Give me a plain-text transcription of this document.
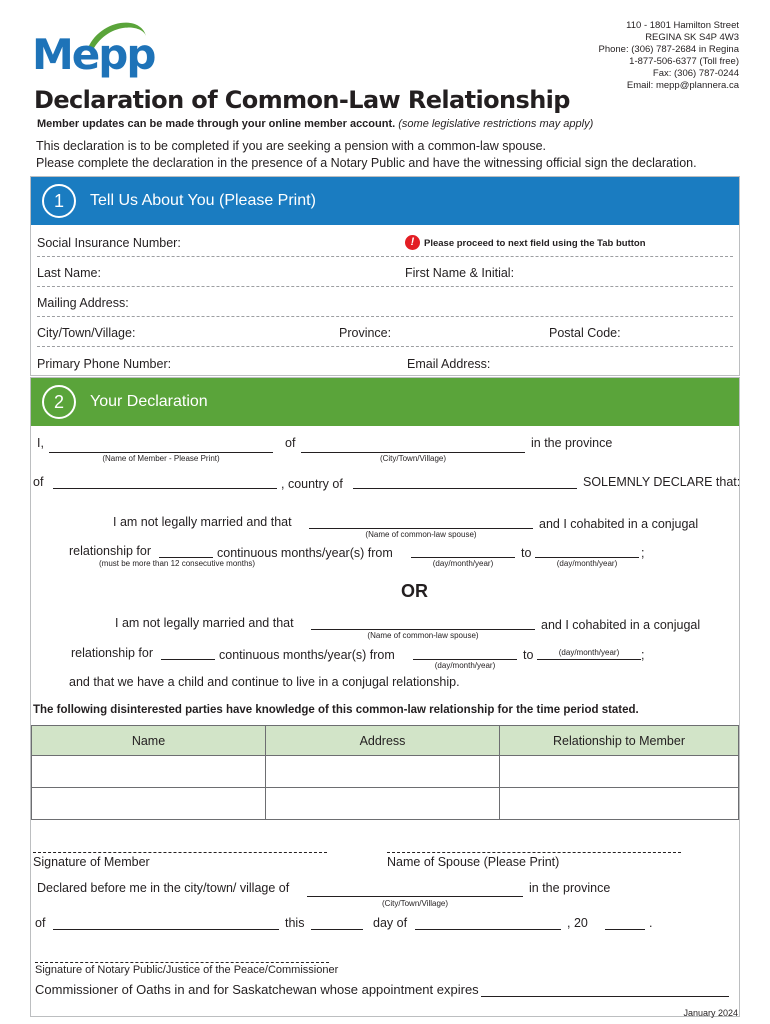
Mepp
110 - 1801 Hamilton Street
REGINA SK S4P 4W3
Phone: (306) 787-2684 in Regina
1-877-506-6377 (Toll free)
Fax: (306) 787-0244
Email: mepp@plannera.ca
Declaration of Common-Law Relationship
Member updates can be made through your online member account. (some legislative restrictions may apply)
This declaration is to be completed if you are seeking a pension with a common-law spouse.
Please complete the declaration in the presence of a Notary Public and have the witnessing official sign the declaration.
1	Tell Us About You (Please Print)
Social Insurance Number:	! Please proceed to next field using the Tab button
Last Name:	First Name & Initial:
Mailing Address:
City/Town/Village:	Province:	Postal Code:
Primary Phone Number:	Email Address:
2	Your Declaration
I,
(Name of Member - Please Print)
of
(City/Town/Village)
in the province
of	, country of	SOLEMNLY DECLARE that:
I am not legally married and that
(Name of common-law spouse)
and I cohabited in a conjugal
relationship for
(must be more than 12 consecutive months)
continuous months/year(s) from
(day/month/year)
to
(day/month/year)
;
OR
I am not legally married and that
(Name of common-law spouse)
and I cohabited in a conjugal
relationship for	continuous months/year(s) from
(day/month/year)
to	(day/month/year)	;
and that we have a child and continue to live in a conjugal relationship.
The following disinterested parties have knowledge of this common-law relationship for the time period stated.
Name	Address	Relationship to Member

Signature of Member	Name of Spouse (Please Print)
Declared before me in the city/town/ village of
(City/Town/Village)
in the province
of	this	day of	, 20	.
Signature of Notary Public/Justice of the Peace/Commissioner
Commissioner of Oaths in and for Saskatchewan whose appointment expires
January 2024
